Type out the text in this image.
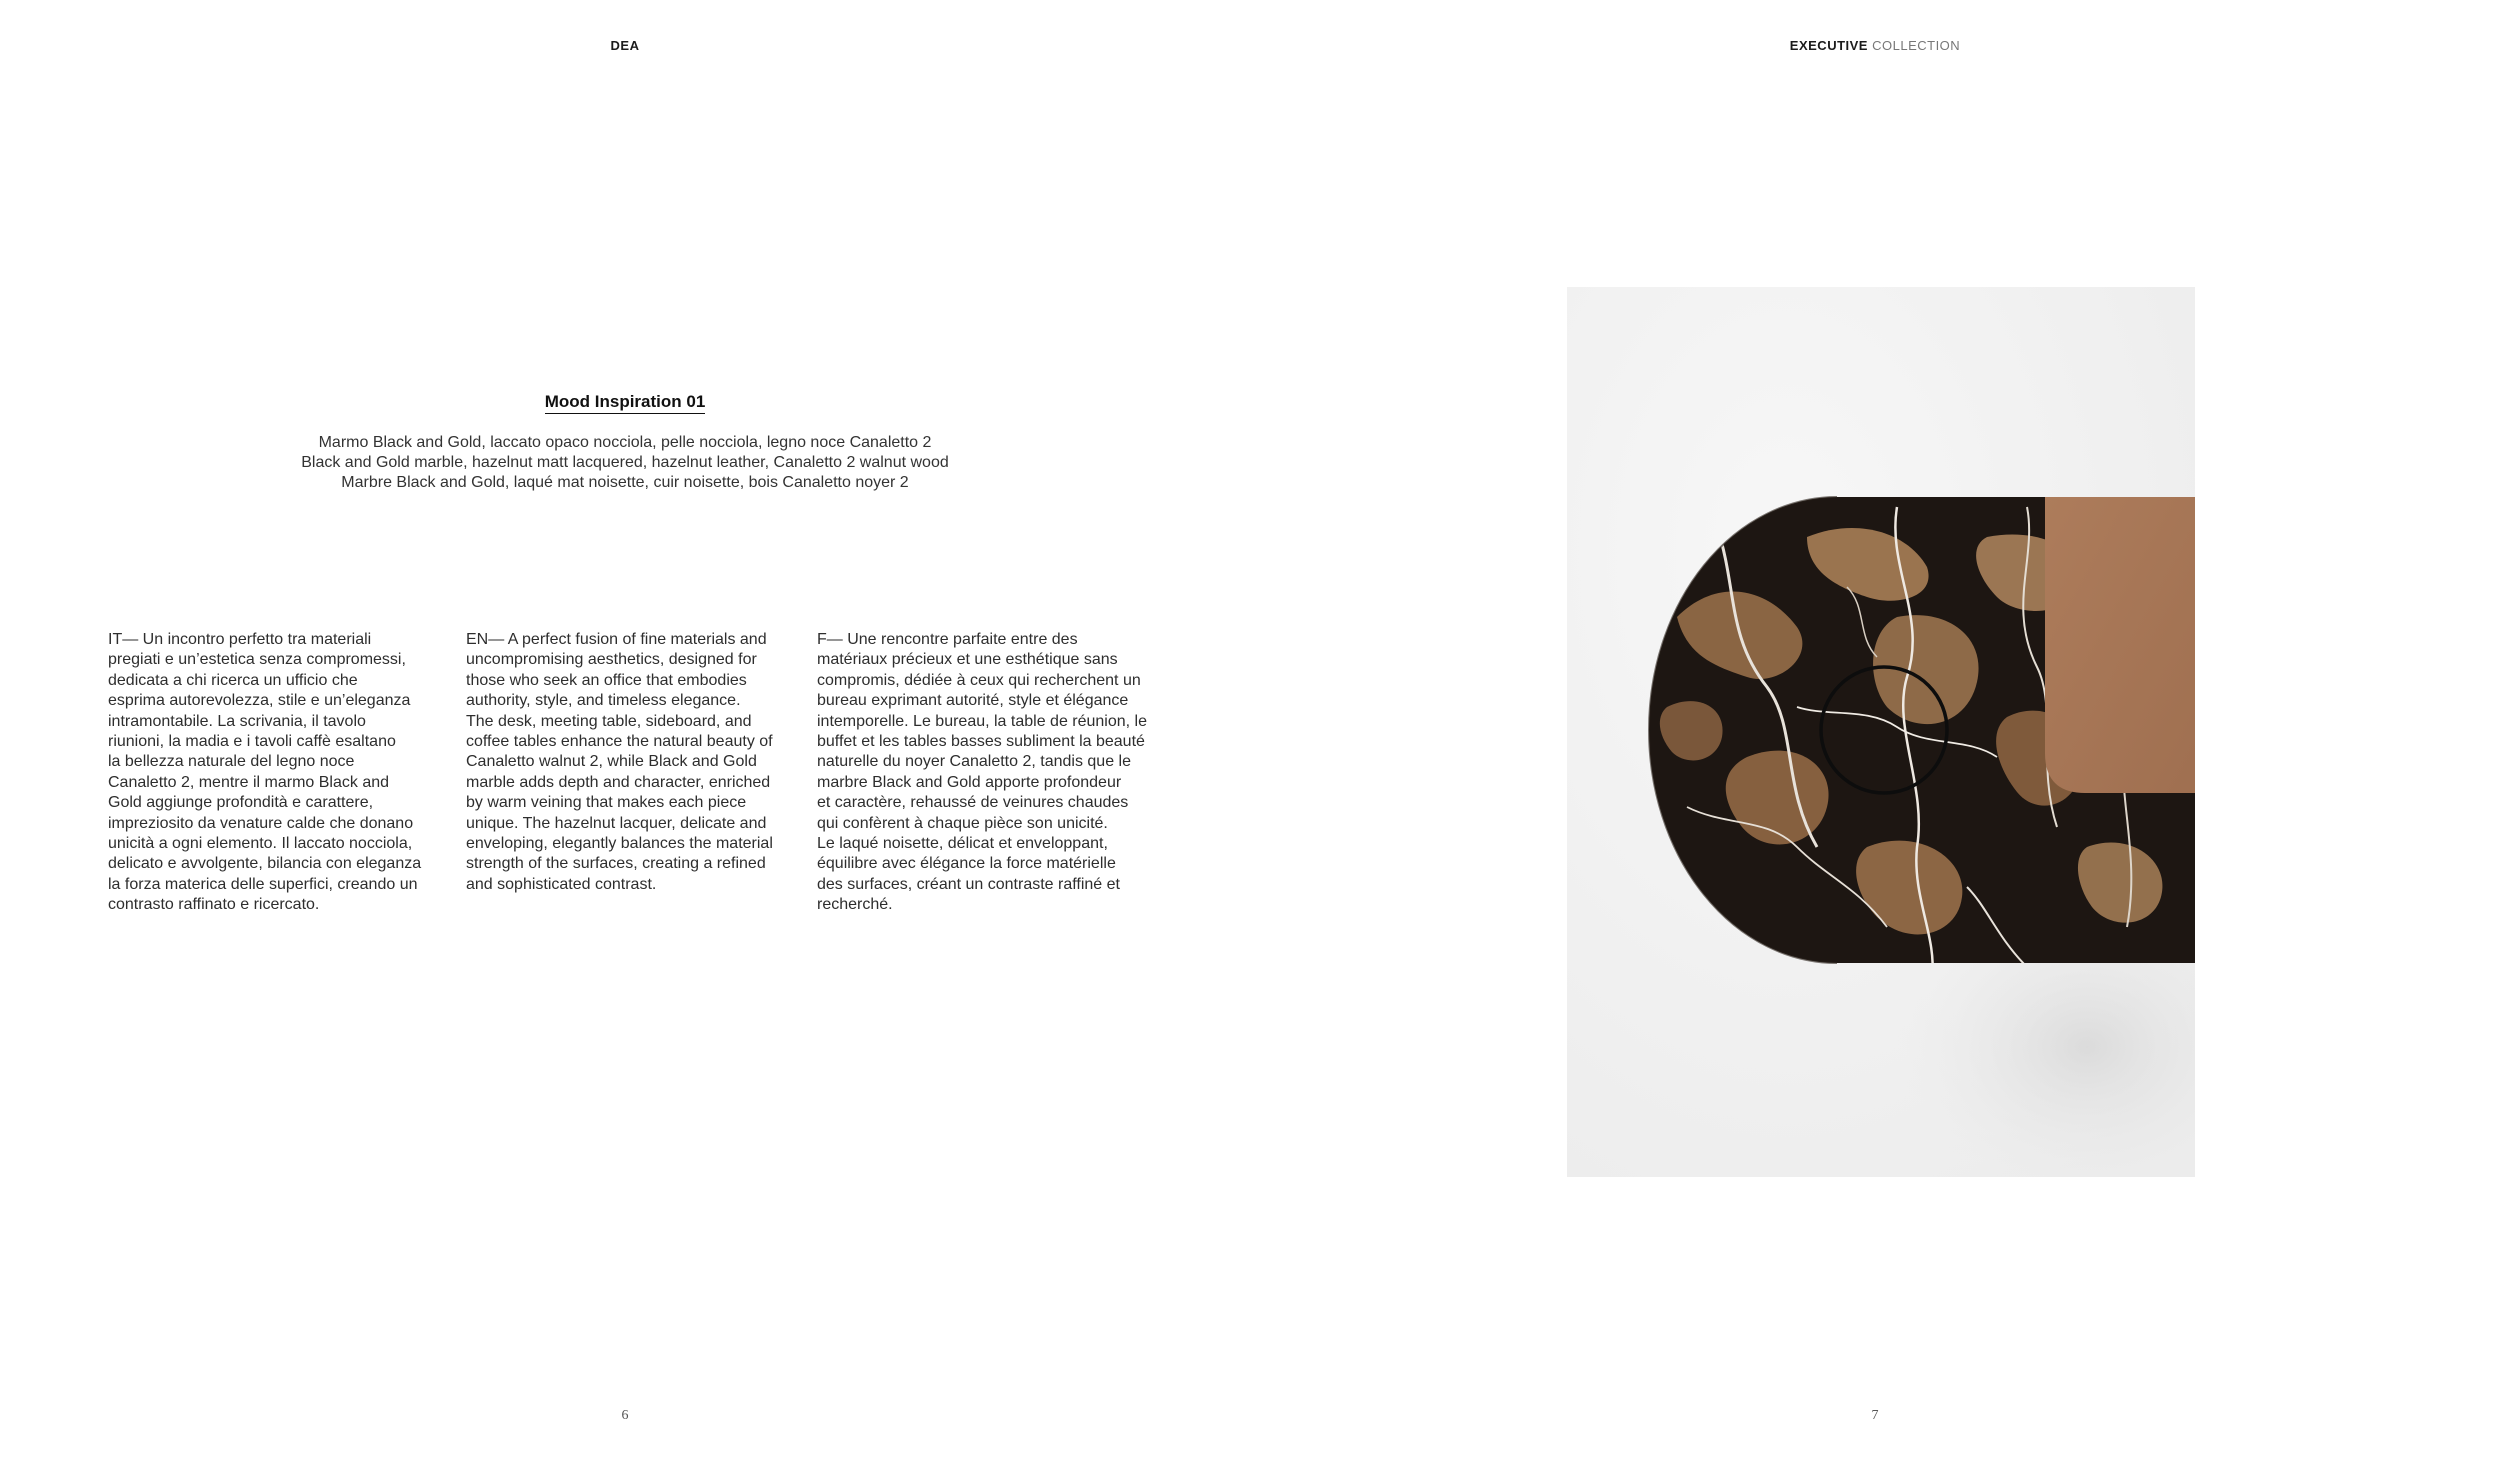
DEA
Mood Inspiration 01
Marmo Black and Gold, laccato opaco nocciola, pelle nocciola, legno noce Canaletto 2
Black and Gold marble, hazelnut matt lacquered, hazelnut leather, Canaletto 2 walnut wood
Marbre Black and Gold, laqué mat noisette, cuir noisette, bois Canaletto noyer 2
IT— Un incontro perfetto tra materiali
pregiati e un’estetica senza compromessi,
dedicata a chi ricerca un ufficio che
esprima autorevolezza, stile e un’eleganza
intramontabile. La scrivania, il tavolo
riunioni, la madia e i tavoli caffè esaltano
la bellezza naturale del legno noce
Canaletto 2, mentre il marmo Black and
Gold aggiunge profondità e carattere,
impreziosito da venature calde che donano
unicità a ogni elemento. Il laccato nocciola,
delicato e avvolgente, bilancia con eleganza
la forza materica delle superfici, creando un
contrasto raffinato e ricercato.
EN— A perfect fusion of fine materials and
uncompromising aesthetics, designed for
those who seek an office that embodies
authority, style, and timeless elegance.
The desk, meeting table, sideboard, and
coffee tables enhance the natural beauty of
Canaletto walnut 2, while Black and Gold
marble adds depth and character, enriched
by warm veining that makes each piece
unique. The hazelnut lacquer, delicate and
enveloping, elegantly balances the material
strength of the surfaces, creating a refined
and sophisticated contrast.
F— Une rencontre parfaite entre des
matériaux précieux et une esthétique sans
compromis, dédiée à ceux qui recherchent un
bureau exprimant autorité, style et élégance
intemporelle. Le bureau, la table de réunion, le
buffet et les tables basses subliment la beauté
naturelle du noyer Canaletto 2, tandis que le
marbre Black and Gold apporte profondeur
et caractère, rehaussé de veinures chaudes
qui confèrent à chaque pièce son unicité.
Le laqué noisette, délicat et enveloppant,
équilibre avec élégance la force matérielle
des surfaces, créant un contraste raffiné et
recherché.
6
EXECUTIVE COLLECTION
7
